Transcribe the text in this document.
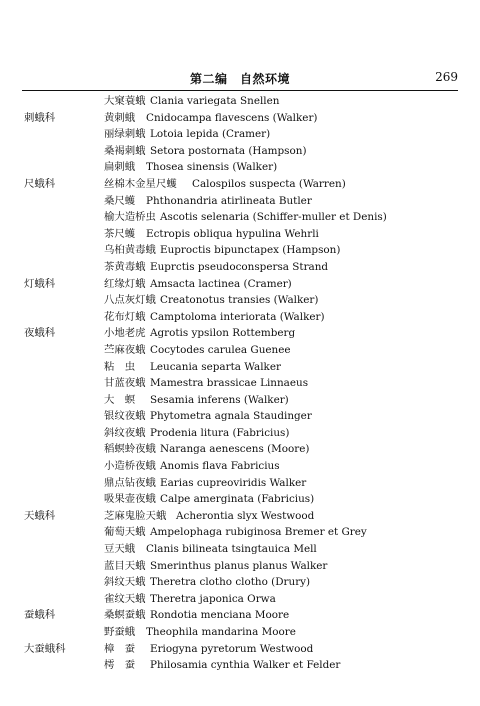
第二编　自然环境	269
大窠蓑蛾 Clania variegata Snellen
刺蛾科	黄刺蛾 Cnidocampa flavescens (Walker)
丽绿刺蛾 Lotoia lepida (Cramer)
桑褐刺蛾 Setora postornata (Hampson)
扁刺蛾 Thosea sinensis (Walker)
尺蛾科	丝棉木金星尺蠖 Calospilos suspecta (Warren)
桑尺蠖 Phthonandria atirlineata Butler
榆大造桥虫 Ascotis selenaria (Schiffer-muller et Denis)
茶尺蠖 Ectropis obliqua hypulina Wehrli
乌桕黄毒蛾 Euproctis bipunctapex (Hampson)
茶黄毒蛾 Euprctis pseudoconspersa Strand
灯蛾科	红缘灯蛾 Amsacta lactinea (Cramer)
八点灰灯蛾 Creatonotus transies (Walker)
花布灯蛾 Camptoloma interiorata (Walker)
夜蛾科	小地老虎 Agrotis ypsilon Rottemberg
苎麻夜蛾 Cocytodes carulea Guenee
粘　虫 Leucania separta Walker
甘蓝夜蛾 Mamestra brassicae Linnaeus
大　螟 Sesamia inferens (Walker)
银纹夜蛾 Phytometra agnala Staudinger
斜纹夜蛾 Prodenia litura (Fabricius)
稻螟蛉夜蛾 Naranga aenescens (Moore)
小造桥夜蛾 Anomis flava Fabricius
鼎点钻夜蛾 Earias cupreoviridis Walker
吸果壶夜蛾 Calpe amerginata (Fabricius)
天蛾科	芝麻鬼脸天蛾 Acherontia slyx Westwood
葡萄天蛾 Ampelophaga rubiginosa Bremer et Grey
豆天蛾 Clanis bilineata tsingtauica Mell
蓝目天蛾 Smerinthus planus planus Walker
斜纹天蛾 Theretra clotho clotho (Drury)
雀纹天蛾 Theretra japonica Orwa
蚕蛾科	桑螟蚕蛾 Rondotia menciana Moore
野蚕蛾 Theophila mandarina Moore
大蚕蛾科	樟　蚕 Eriogyna pyretorum Westwood
樗　蚕 Philosamia cynthia Walker et Felder
